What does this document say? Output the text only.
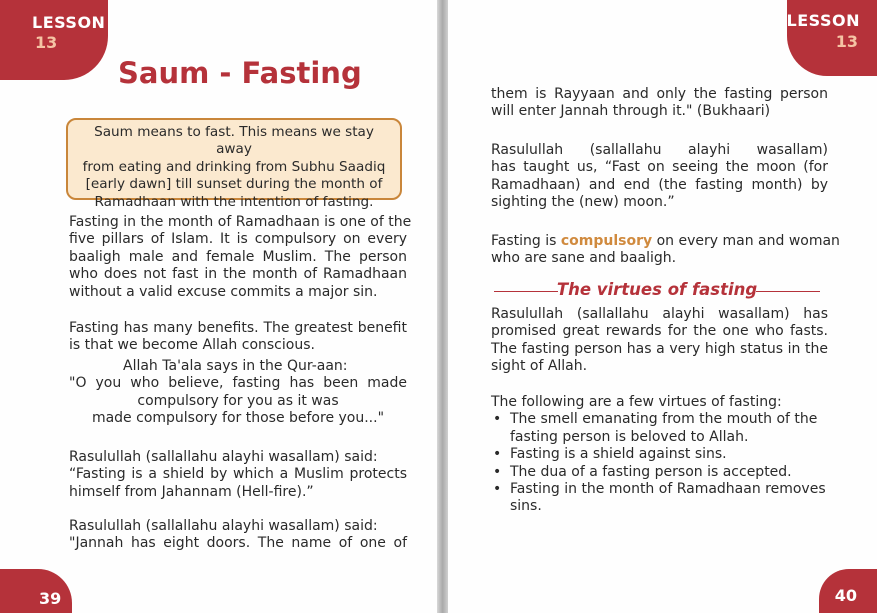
LESSON
13
Saum - Fasting
Saum means to fast. This means we stay away
from eating and drinking from Subhu Saadiq
[early dawn] till sunset during the month of
Ramadhaan with the intention of fasting.
Fasting in the month of Ramadhaan is one of the
five pillars of Islam. It is compulsory on every
baaligh male and female Muslim. The person
who does not fast in the month of Ramadhaan
without a valid excuse commits a major sin.
Fasting has many benefits. The greatest benefit
is that we become Allah conscious.
Allah Ta'ala says in the Qur-aan:
"O you who believe, fasting has been made
compulsory for you as it was
made compulsory for those before you..."
Rasulullah (sallallahu alayhi wasallam) said:
“Fasting is a shield by which a Muslim protects
himself from Jahannam (Hell-fire).”
Rasulullah (sallallahu alayhi wasallam) said:
"Jannah has eight doors. The name of one of
39
LESSON
13
40
them is Rayyaan and only the fasting person
will enter Jannah through it." (Bukhaari)
Rasulullah (sallallahu alayhi wasallam)
has taught us, “Fast on seeing the moon (for
Ramadhaan) and end (the fasting month) by
sighting the (new) moon.”
Fasting is compulsory on every man and woman
who are sane and baaligh.
The virtues of fasting
Rasulullah (sallallahu alayhi wasallam) has
promised great rewards for the one who fasts.
The fasting person has a very high status in the
sight of Allah.
The following are a few virtues of fasting:
• The smell emanating from the mouth of the
fasting person is beloved to Allah.
• Fasting is a shield against sins.
• The dua of a fasting person is accepted.
• Fasting in the month of Ramadhaan removes
sins.
